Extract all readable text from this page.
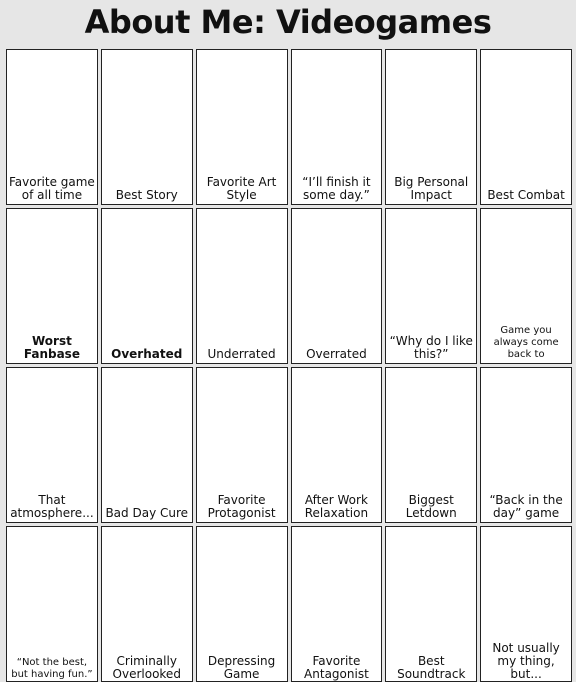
About Me: Videogames
Favorite game of all time	Best Story
Favorite Art Style
“I’ll finish it some day.”
Big Personal Impact	Best Combat
Worst Fanbase	Overhated	Underrated	Overrated
“Why do I like this?”
Game you always come back to
That atmosphere... Bad Day Cure
Favorite Protagonist
After Work Relaxation
Biggest Letdown
“Back in the day” game
“Not the best, but having fun.”
Criminally Overlooked
Depressing Game
Favorite Antagonist
Best Soundtrack
Not usually my thing, but...
